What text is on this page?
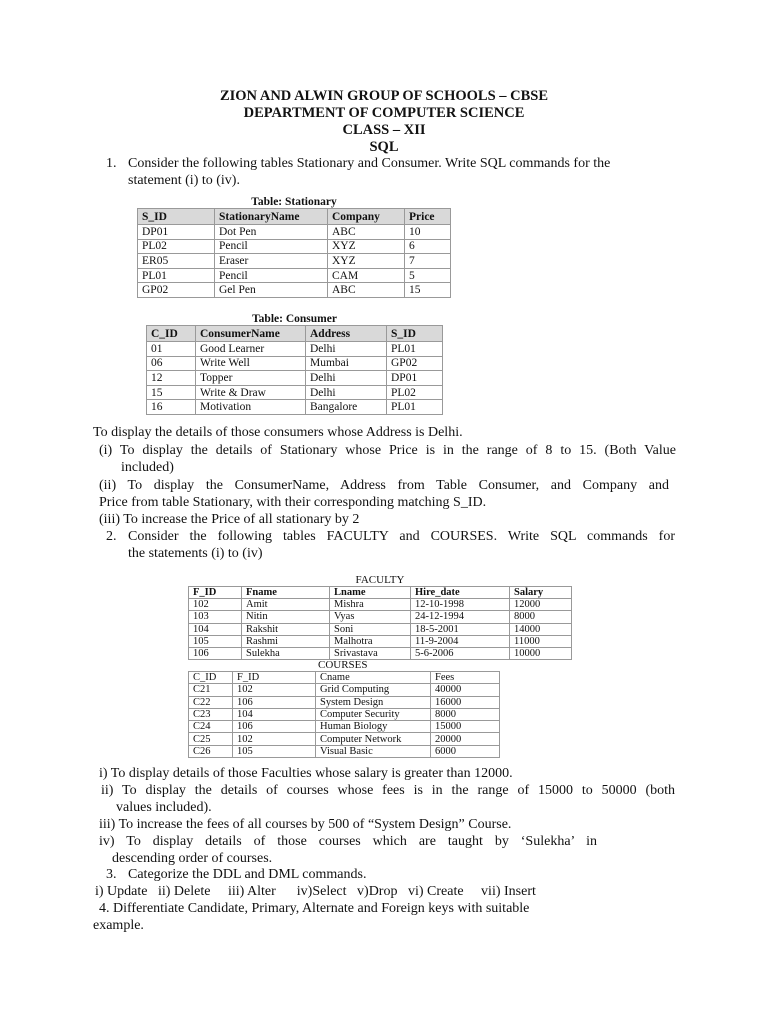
ZION AND ALWIN GROUP OF SCHOOLS – CBSE
DEPARTMENT OF COMPUTER SCIENCE
CLASS – XII
SQL
1. Consider the following tables Stationary and Consumer. Write SQL commands for the
statement (i) to (iv).
Table: Stationary
S_ID	StationaryName	Company	Price
DP01	Dot Pen	ABC	10
PL02	Pencil	XYZ	6
ER05	Eraser	XYZ	7
PL01	Pencil	CAM	5
GP02	Gel Pen	ABC	15
Table: Consumer
C_ID	ConsumerName	Address	S_ID
01	Good Learner	Delhi	PL01
06	Write Well	Mumbai	GP02
12	Topper	Delhi	DP01
15	Write & Draw	Delhi	PL02
16	Motivation	Bangalore	PL01
To display the details of those consumers whose Address is Delhi.
(i) To display the details of Stationary whose Price is in the range of 8 to 15. (Both Value
included)
(ii) To display the ConsumerName, Address from Table Consumer, and Company and
Price from table Stationary, with their corresponding matching S_ID.
(iii) To increase the Price of all stationary by 2
2. Consider the following tables FACULTY and COURSES. Write SQL commands for
the statements (i) to (iv)
FACULTY
F_ID	Fname	Lname	Hire_date	Salary
102	Amit	Mishra	12-10-1998	12000
103	Nitin	Vyas	24-12-1994	8000
104	Rakshit	Soni	18-5-2001	14000
105	Rashmi	Malhotra	11-9-2004	11000
106	Sulekha	Srivastava	5-6-2006	10000
COURSES
C_ID	F_ID	Cname	Fees
C21	102	Grid Computing	40000
C22	106	System Design	16000
C23	104	Computer Security	8000
C24	106	Human Biology	15000
C25	102	Computer Network	20000
C26	105	Visual Basic	6000
i) To display details of those Faculties whose salary is greater than 12000.
ii) To display the details of courses whose fees is in the range of 15000 to 50000 (both
values included).
iii) To increase the fees of all courses by 500 of “System Design” Course.
iv) To display details of those courses which are taught by ‘Sulekha’ in
descending order of courses.
3. Categorize the DDL and DML commands.
i) Update   ii) Delete     iii) Alter      iv)Select   v)Drop   vi) Create     vii) Insert
4. Differentiate Candidate, Primary, Alternate and Foreign keys with suitable
example.
